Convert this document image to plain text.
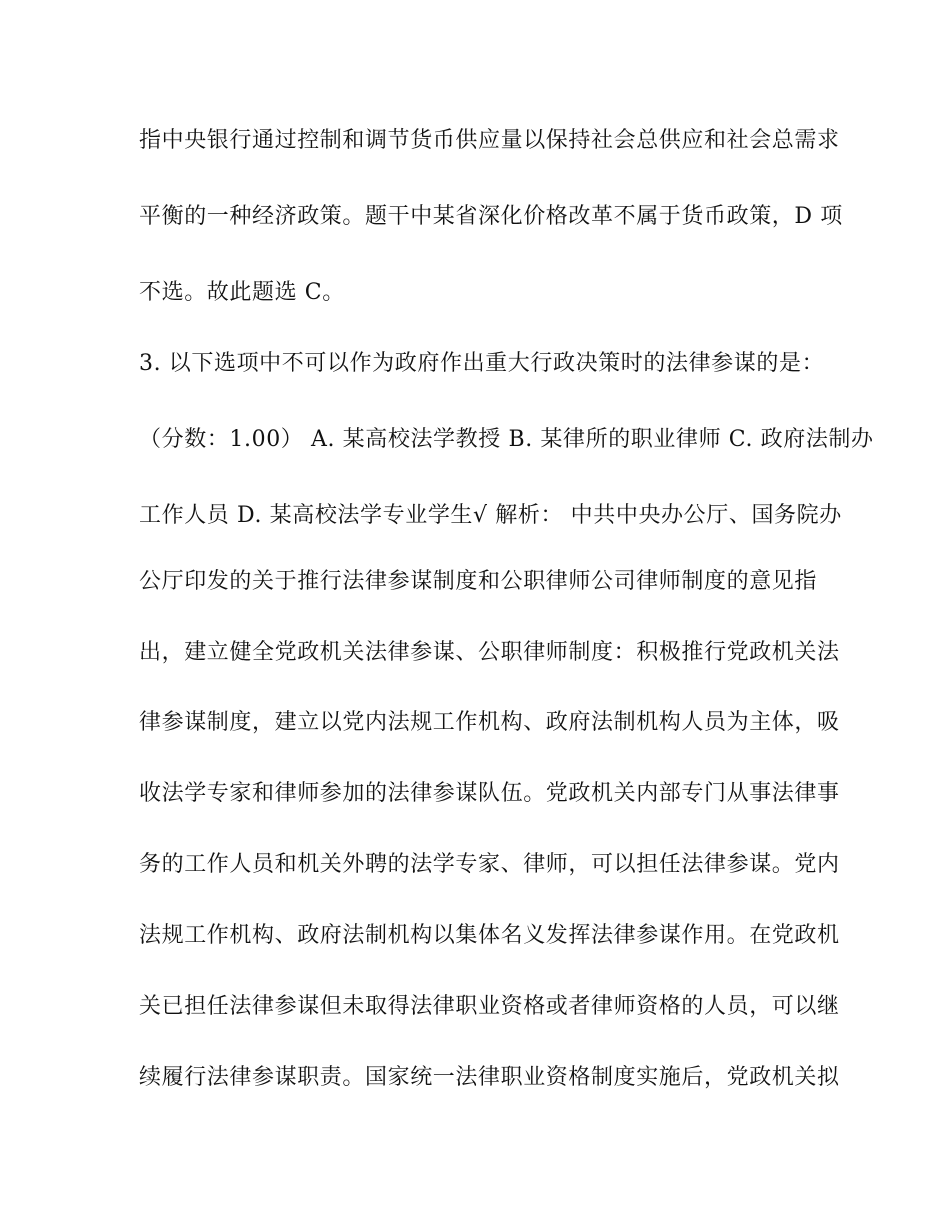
指中央银行通过控制和调节货币供应量以保持社会总供应和社会总需求
平衡的一种经济政策。题干中某省深化价格改革不属于货币政策，D 项
不选。故此题选 C。
3. 以下选项中不可以作为政府作出重大行政决策时的法律参谋的是：
（分数：1.00） A. 某高校法学教授 B. 某律所的职业律师 C. 政府法制办
工作人员 D. 某高校法学专业学生√ 解析： 中共中央办公厅、国务院办
公厅印发的关于推行法律参谋制度和公职律师公司律师制度的意见指
出，建立健全党政机关法律参谋、公职律师制度：积极推行党政机关法
律参谋制度，建立以党内法规工作机构、政府法制机构人员为主体，吸
收法学专家和律师参加的法律参谋队伍。党政机关内部专门从事法律事
务的工作人员和机关外聘的法学专家、律师，可以担任法律参谋。党内
法规工作机构、政府法制机构以集体名义发挥法律参谋作用。在党政机
关已担任法律参谋但未取得法律职业资格或者律师资格的人员，可以继
续履行法律参谋职责。国家统一法律职业资格制度实施后，党政机关拟
